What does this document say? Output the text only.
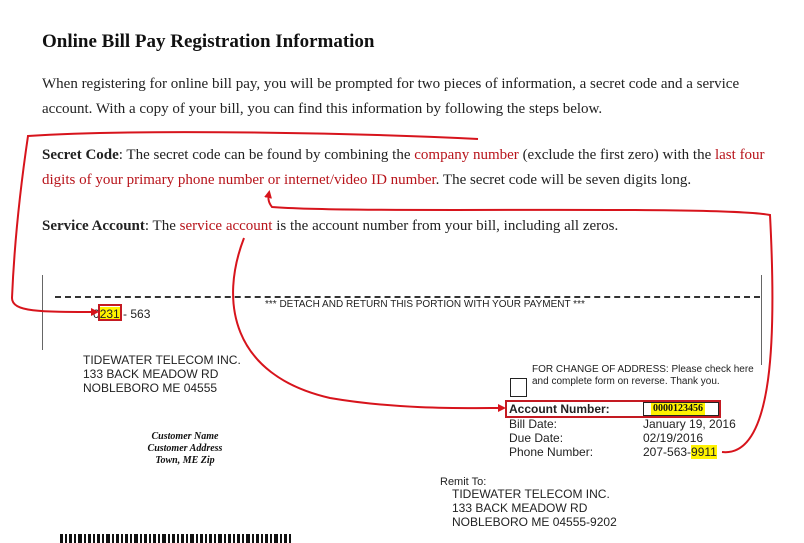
Online Bill Pay Registration Information

When registering for online bill pay, you will be prompted for two pieces of information, a secret code and a service account. With a copy of your bill, you can find this information by following the steps below.

Secret Code: The secret code can be found by combining the company number (exclude the first zero) with the last four digits of your primary phone number or internet/video ID number. The secret code will be seven digits long.

Service Account: The service account is the account number from your bill, including all zeros.

*** DETACH AND RETURN THIS PORTION WITH YOUR PAYMENT ***
0231 - 563
TIDEWATER TELECOM INC.
133 BACK MEADOW RD
NOBLEBORO ME 04555
FOR CHANGE OF ADDRESS: Please check here
and complete form on reverse. Thank you.
Account Number:	0000123456
Bill Date:	January 19, 2016
Due Date:	02/19/2016
Phone Number:	207-563-9911
Customer Name
Customer Address
Town, ME Zip
Remit To:
TIDEWATER TELECOM INC.
133 BACK MEADOW RD
NOBLEBORO ME 04555-9202
